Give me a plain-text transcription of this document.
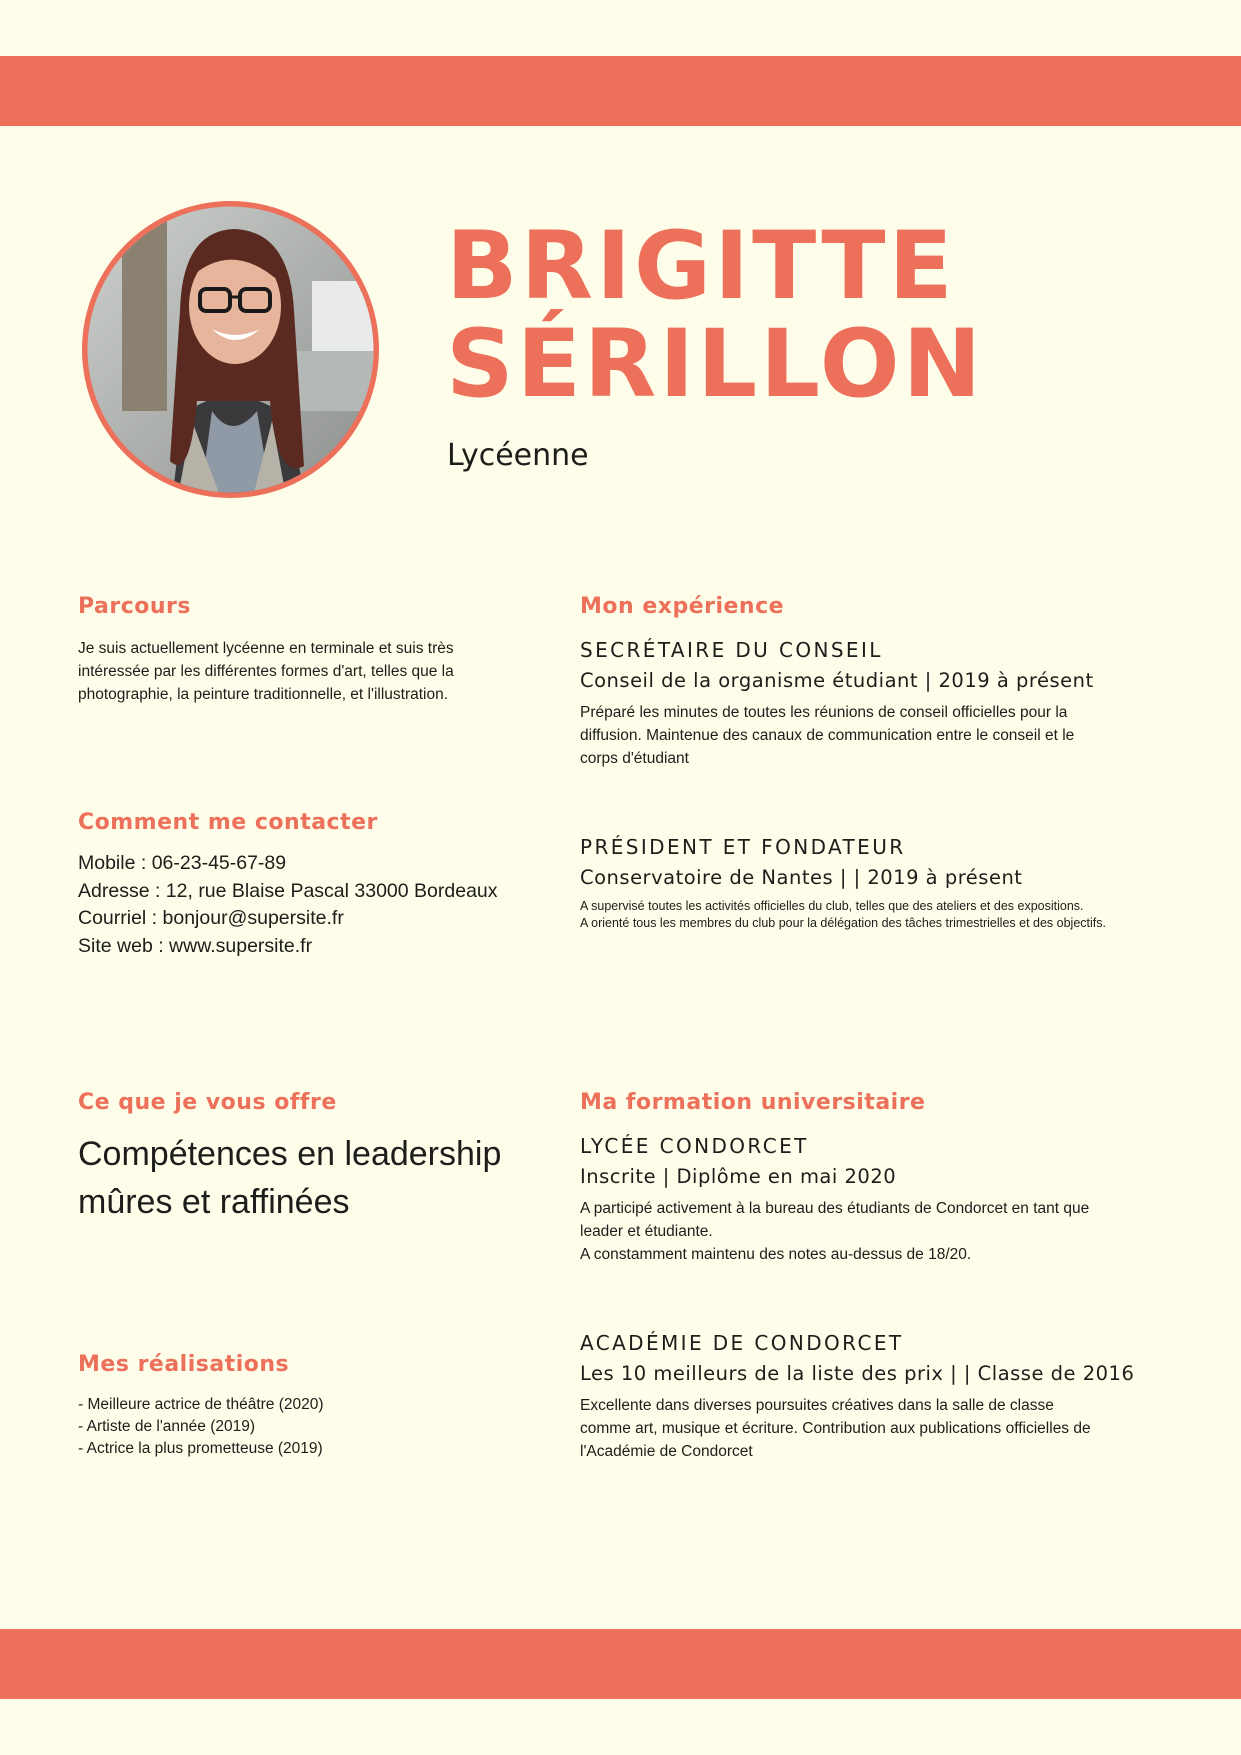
BRIGITTE
SÉRILLON
Lycéenne
Parcours
Je suis actuellement lycéenne en terminale et suis très
intéressée par les différentes formes d'art, telles que la
photographie, la peinture traditionnelle, et l'illustration.
Comment me contacter
Mobile : 06-23-45-67-89
Adresse : 12, rue Blaise Pascal 33000 Bordeaux
Courriel : bonjour@supersite.fr
Site web : www.supersite.fr
Ce que je vous offre
Compétences en leadership
mûres et raffinées
Mes réalisations
- Meilleure actrice de théâtre (2020)
- Artiste de l'année (2019)
- Actrice la plus prometteuse (2019)
Mon expérience
SECRÉTAIRE DU CONSEIL
Conseil de la organisme étudiant | 2019 à présent
Préparé les minutes de toutes les réunions de conseil officielles pour la
diffusion. Maintenue des canaux de communication entre le conseil et le
corps d'étudiant
PRÉSIDENT ET FONDATEUR
Conservatoire de Nantes | | 2019 à présent
A supervisé toutes les activités officielles du club, telles que des ateliers et des expositions.
A orienté tous les membres du club pour la délégation des tâches trimestrielles et des objectifs.
Ma formation universitaire
LYCÉE CONDORCET
Inscrite | Diplôme en mai 2020
A participé activement à la bureau des étudiants de Condorcet en tant que
leader et étudiante.
A constamment maintenu des notes au-dessus de 18/20.
ACADÉMIE DE CONDORCET
Les 10 meilleurs de la liste des prix | | Classe de 2016
Excellente dans diverses poursuites créatives dans la salle de classe
comme art, musique et écriture. Contribution aux publications officielles de
l'Académie de Condorcet
